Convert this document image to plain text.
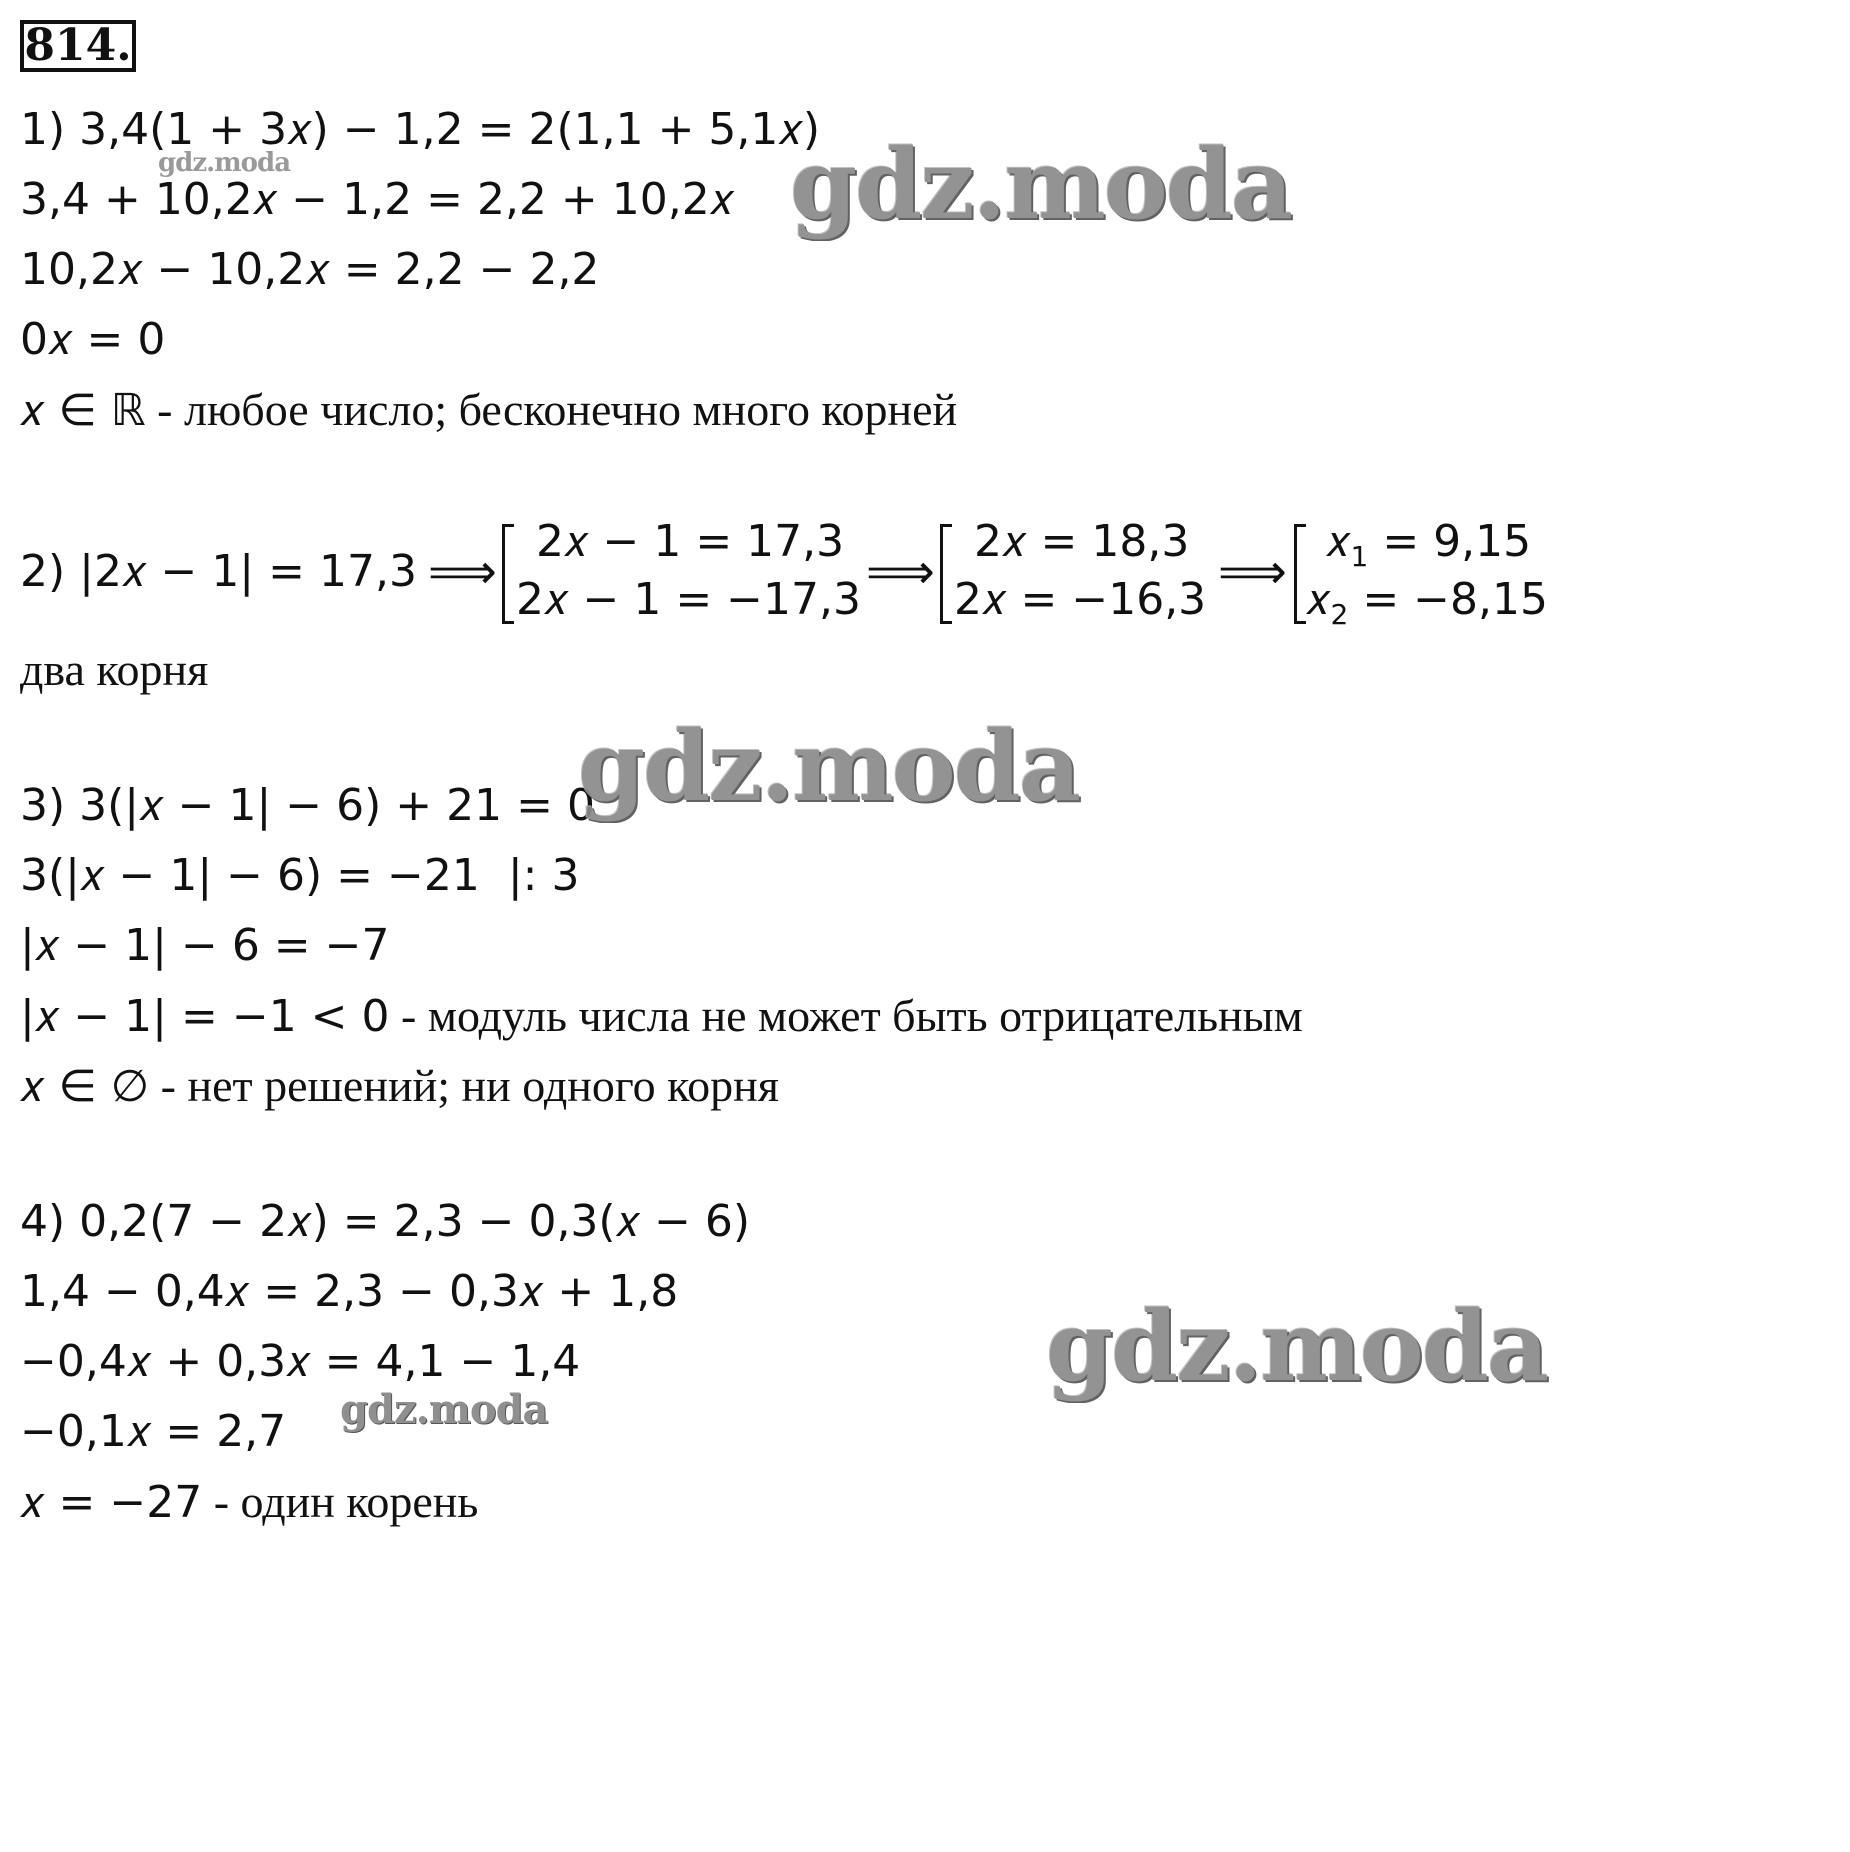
814.
1) 3,4(1 + 3𝑥) − 1,2 = 2(1,1 + 5,1𝑥)
3,4 + 10,2𝑥 − 1,2 = 2,2 + 10,2𝑥
10,2𝑥 − 10,2𝑥 = 2,2 − 2,2
0𝑥 = 0
𝑥 ∈ ℝ - любое число; бесконечно много корней
2) |2𝑥 − 1| = 17,3 ⟹
2𝑥 − 1 = 17,3
2𝑥 − 1 = −17,3 ⟹
2𝑥 = 18,3
2𝑥 = −16,3 ⟹
𝑥$_1$ = 9,15
𝑥$_2$ = −8,15
два корня
3) 3(|𝑥 − 1| − 6) + 21 = 0
3(|𝑥 − 1| − 6) = −21  |: 3
|𝑥 − 1| − 6 = −7
|𝑥 − 1| = −1 < 0 - модуль числа не может быть отрицательным
𝑥 ∈ ∅ - нет решений; ни одного корня
4) 0,2(7 − 2𝑥) = 2,3 − 0,3(𝑥 − 6)
1,4 − 0,4𝑥 = 2,3 − 0,3𝑥 + 1,8
−0,4𝑥 + 0,3𝑥 = 4,1 − 1,4
−0,1𝑥 = 2,7
𝑥 = −27 - один корень
gdz.moda
gdz.moda
gdz.moda
gdz.moda
gdz.moda
